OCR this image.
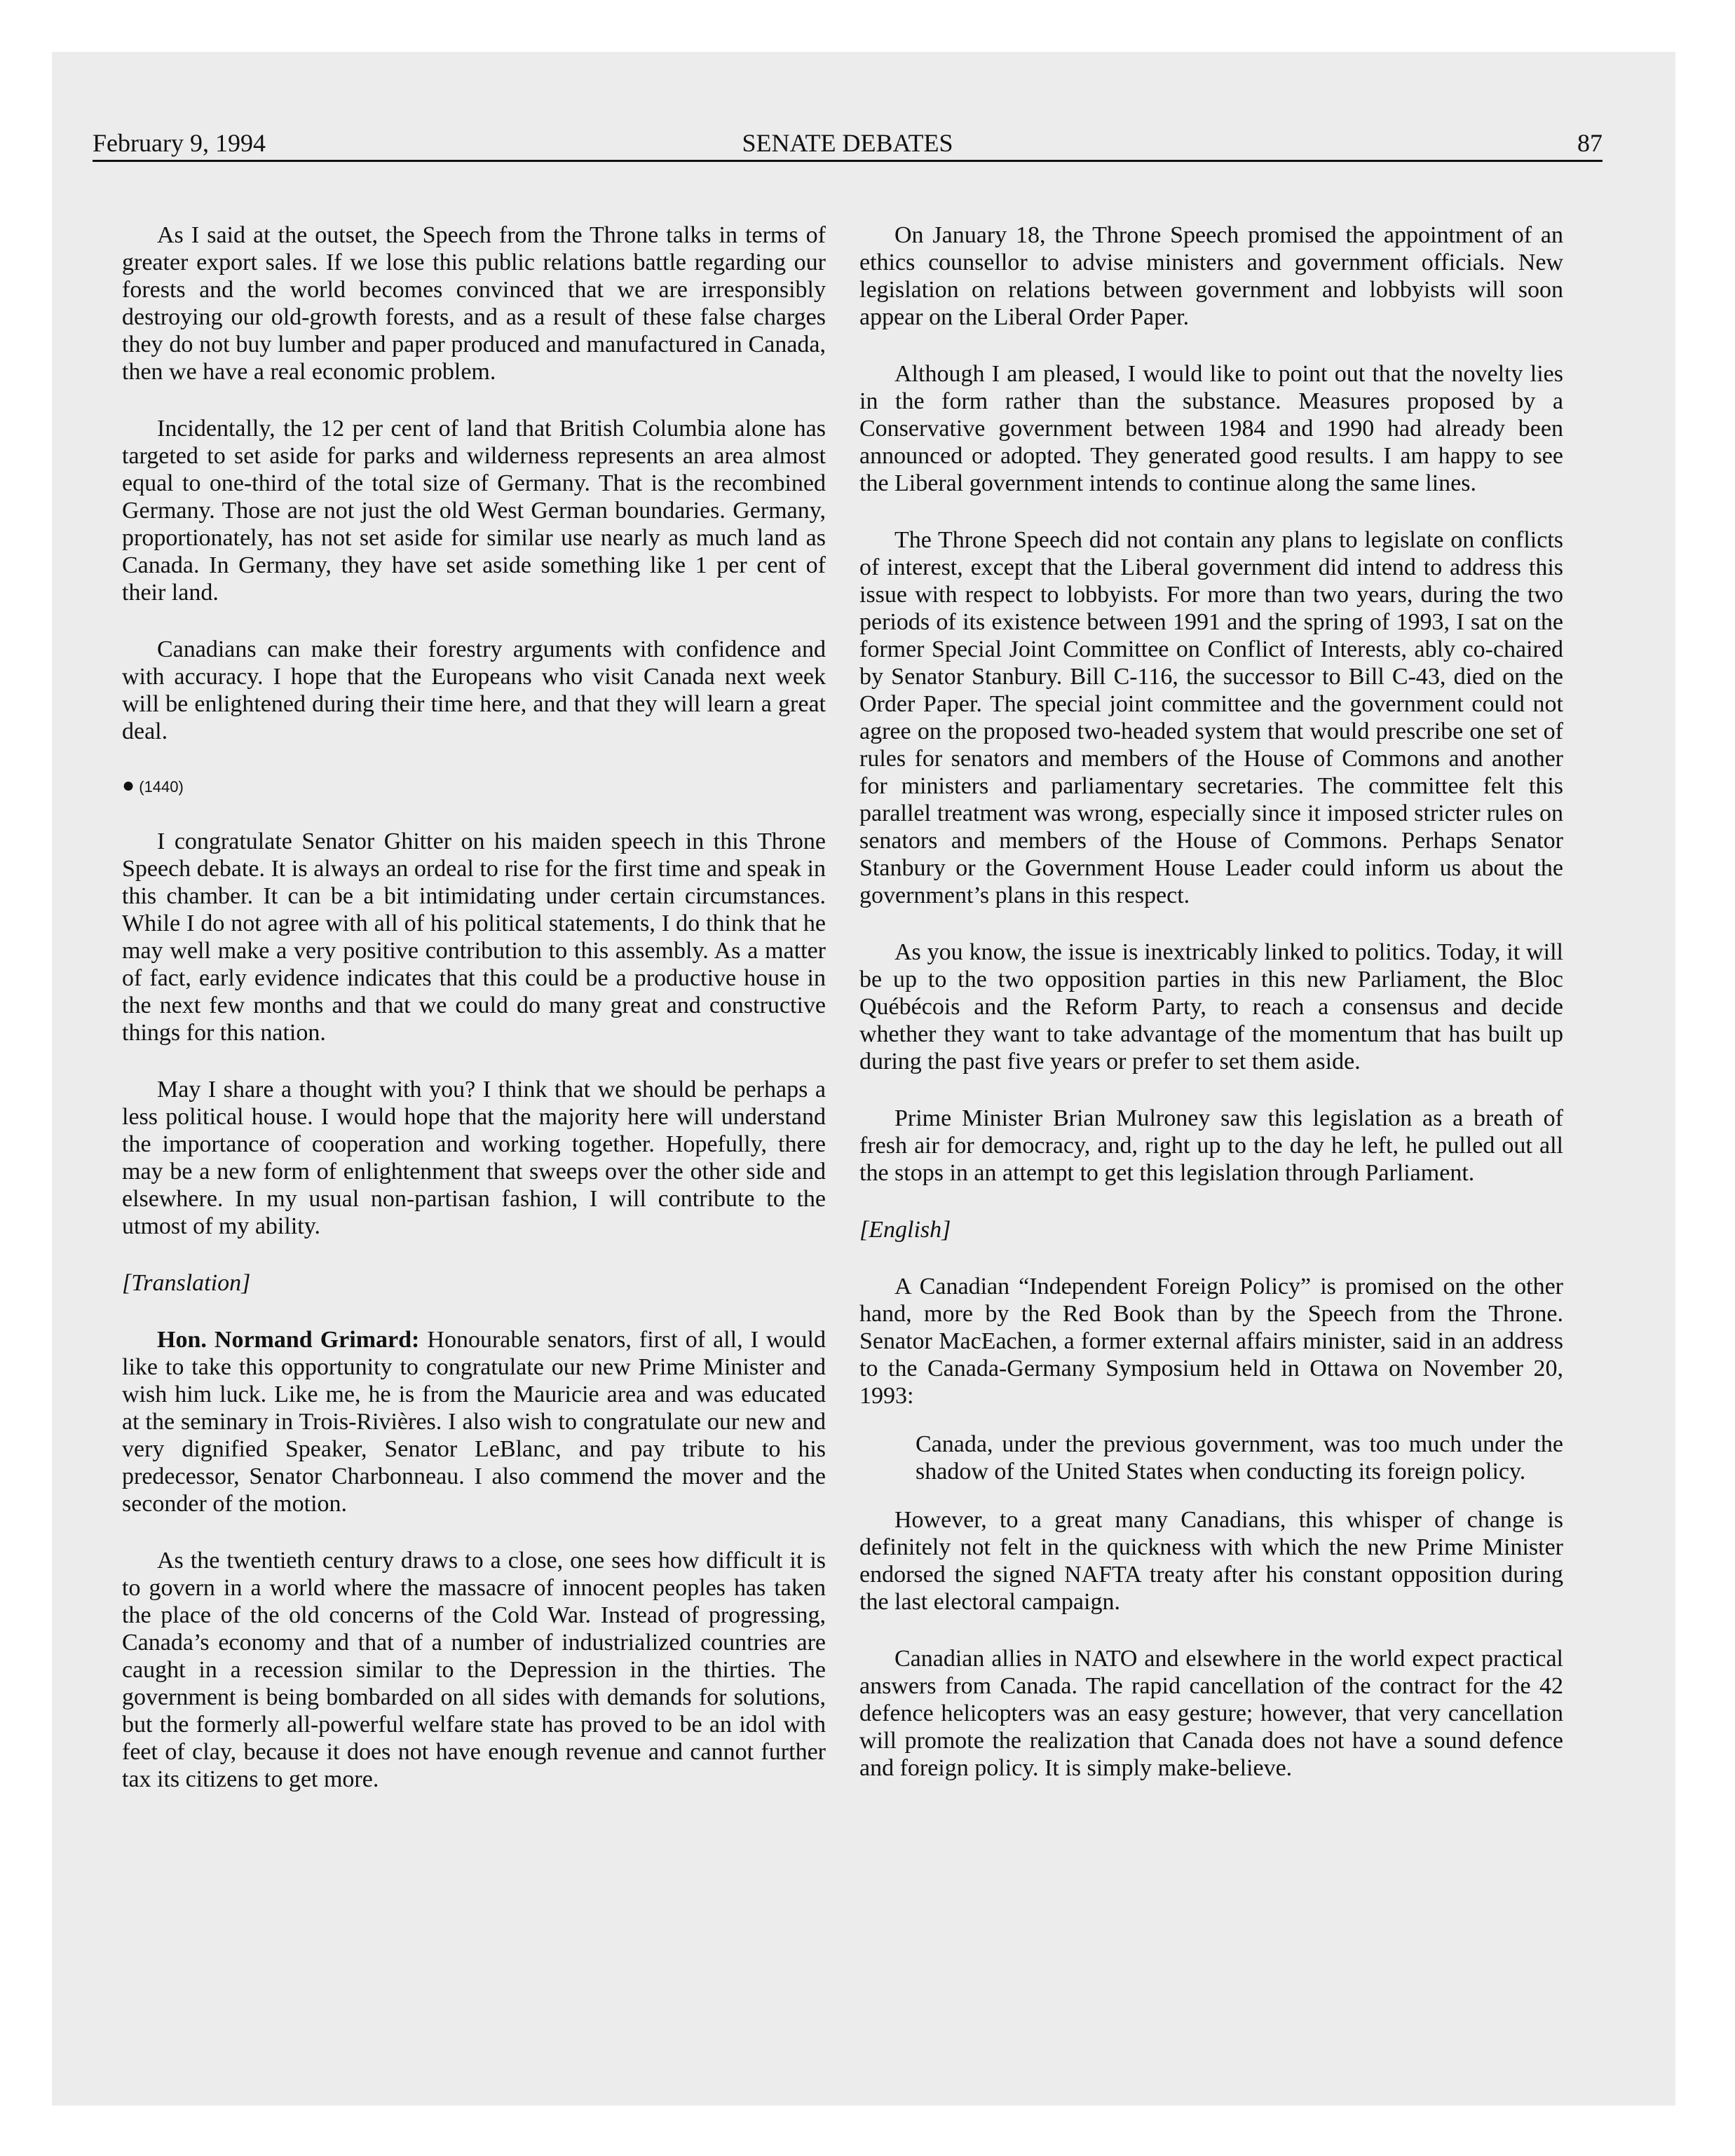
February 9, 1994	SENATE DEBATES	87

As I said at the outset, the Speech from the Throne talks in terms of greater export sales. If we lose this public relations battle regarding our forests and the world becomes convinced that we are irresponsibly destroying our old-growth forests, and as a result of these false charges they do not buy lumber and paper produced and manufactured in Canada, then we have a real economic problem.

Incidentally, the 12 per cent of land that British Columbia alone has targeted to set aside for parks and wilderness represents an area almost equal to one-third of the total size of Germany. That is the recombined Germany. Those are not just the old West German boundaries. Germany, proportionately, has not set aside for similar use nearly as much land as Canada. In Germany, they have set aside something like 1 per cent of their land.

Canadians can make their forestry arguments with confidence and with accuracy. I hope that the Europeans who visit Canada next week will be enlightened during their time here, and that they will learn a great deal.

● (1440)

I congratulate Senator Ghitter on his maiden speech in this Throne Speech debate. It is always an ordeal to rise for the first time and speak in this chamber. It can be a bit intimidating under certain circumstances. While I do not agree with all of his political statements, I do think that he may well make a very positive contribution to this assembly. As a matter of fact, early evidence indicates that this could be a productive house in the next few months and that we could do many great and constructive things for this nation.

May I share a thought with you? I think that we should be perhaps a less political house. I would hope that the majority here will understand the importance of cooperation and working together. Hopefully, there may be a new form of enlightenment that sweeps over the other side and elsewhere. In my usual non-partisan fashion, I will contribute to the utmost of my ability.

[Translation]

Hon. Normand Grimard: Honourable senators, first of all, I would like to take this opportunity to congratulate our new Prime Minister and wish him luck. Like me, he is from the Mauricie area and was educated at the seminary in Trois-Rivières. I also wish to congratulate our new and very dignified Speaker, Senator LeBlanc, and pay tribute to his predecessor, Senator Charbonneau. I also commend the mover and the seconder of the motion.

As the twentieth century draws to a close, one sees how difficult it is to govern in a world where the massacre of innocent peoples has taken the place of the old concerns of the Cold War. Instead of progressing, Canada’s economy and that of a number of industrialized countries are caught in a recession similar to the Depression in the thirties. The government is being bombarded on all sides with demands for solutions, but the formerly all-powerful welfare state has proved to be an idol with feet of clay, because it does not have enough revenue and cannot further tax its citizens to get more.

On January 18, the Throne Speech promised the appointment of an ethics counsellor to advise ministers and government officials. New legislation on relations between government and lobbyists will soon appear on the Liberal Order Paper.

Although I am pleased, I would like to point out that the novelty lies in the form rather than the substance. Measures proposed by a Conservative government between 1984 and 1990 had already been announced or adopted. They generated good results. I am happy to see the Liberal government intends to continue along the same lines.

The Throne Speech did not contain any plans to legislate on conflicts of interest, except that the Liberal government did intend to address this issue with respect to lobbyists. For more than two years, during the two periods of its existence between 1991 and the spring of 1993, I sat on the former Special Joint Committee on Conflict of Interests, ably co-chaired by Senator Stanbury. Bill C-116, the successor to Bill C-43, died on the Order Paper. The special joint committee and the government could not agree on the proposed two-headed system that would prescribe one set of rules for senators and members of the House of Commons and another for ministers and parliamentary secretaries. The committee felt this parallel treatment was wrong, especially since it imposed stricter rules on senators and members of the House of Commons. Perhaps Senator Stanbury or the Government House Leader could inform us about the government’s plans in this respect.

As you know, the issue is inextricably linked to politics. Today, it will be up to the two opposition parties in this new Parliament, the Bloc Québécois and the Reform Party, to reach a consensus and decide whether they want to take advantage of the momentum that has built up during the past five years or prefer to set them aside.

Prime Minister Brian Mulroney saw this legislation as a breath of fresh air for democracy, and, right up to the day he left, he pulled out all the stops in an attempt to get this legislation through Parliament.

[English]

A Canadian “Independent Foreign Policy” is promised on the other hand, more by the Red Book than by the Speech from the Throne. Senator MacEachen, a former external affairs minister, said in an address to the Canada-Germany Symposium held in Ottawa on November 20, 1993:

Canada, under the previous government, was too much under the shadow of the United States when conducting its foreign policy.

However, to a great many Canadians, this whisper of change is definitely not felt in the quickness with which the new Prime Minister endorsed the signed NAFTA treaty after his constant opposition during the last electoral campaign.

Canadian allies in NATO and elsewhere in the world expect practical answers from Canada. The rapid cancellation of the contract for the 42 defence helicopters was an easy gesture; however, that very cancellation will promote the realization that Canada does not have a sound defence and foreign policy. It is simply make-believe.
